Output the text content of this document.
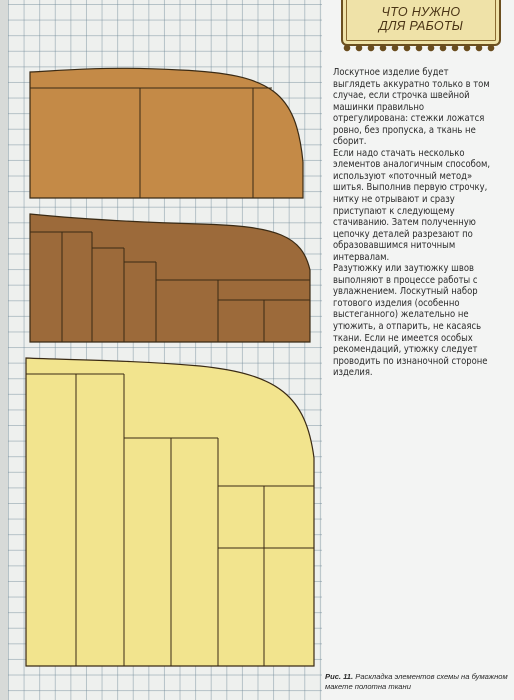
ЧТО НУЖНО
ДЛЯ РАБОТЫ

Лоскутное изделие будет выглядеть аккуратно только в том случае, если строчка швейной машинки правильно отрегулирована: стежки ложатся ровно, без пропуска, а ткань не сборит.

Если надо стачать несколько элементов аналогичным способом, используют «поточный метод» шитья. Выполнив первую строчку, нитку не отрывают и сразу приступают к следующему стачиванию. Затем полученную цепочку деталей разрезают по образовавшимся ниточным интервалам.

Разутюжку или заутюжку швов выполняют в процессе работы с увлажнением. Лоскутный набор готового изделия (особенно выстеганного) желательно не утюжить, а отпарить, не касаясь ткани. Если не имеется особых рекомендаций, утюжку следует проводить по изнаночной стороне изделия.

Рис. 11. Раскладка элементов схемы на бумажном макете полотна ткани
